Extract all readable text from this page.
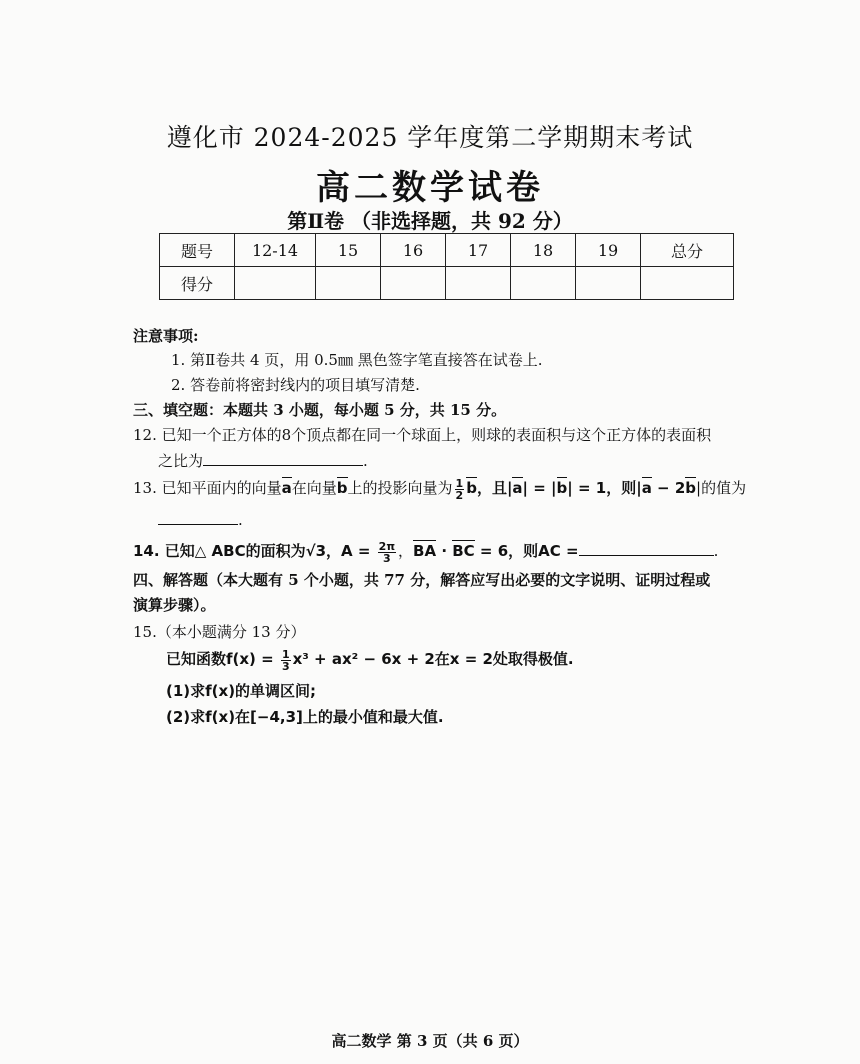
遵化市 2024-2025 学年度第二学期期末考试
高二数学试卷
第Ⅱ卷 （非选择题，共 92 分）
题号	12-14	15	16	17	18	19	总分
得分							
注意事项:
1. 第Ⅱ卷共 4 页，用 0.5㎜ 黑色签字笔直接答在试卷上.
2. 答卷前将密封线内的项目填写清楚.
三、填空题：本题共 3 小题，每小题 5 分，共 15 分。
12. 已知一个正方体的8个顶点都在同一个球面上，则球的表面积与这个正方体的表面积
之比为	.
13. 已知平面内的向量a在向量b上的投影向量为 $\frac{1}{2}$ b，且|a| = |b| = 1，则|a − 2b|的值为
.
14. 已知△ ABC的面积为√3，$A = \frac{2\pi}{3}$ ，BA · BC = 6，则AC =	.
四、解答题（本大题有 5 个小题，共 77 分，解答应写出必要的文字说明、证明过程或
演算步骤）。
15.（本小题满分 13 分）
已知函数$f(x) = \frac{1}{3} x^3 + ax^2 - 6x + 2$在x = 2处取得极值.
(1)求f(x)的单调区间;
(2)求f(x)在[−4,3]上的最小值和最大值.
高二数学 第 3 页（共 6 页）
